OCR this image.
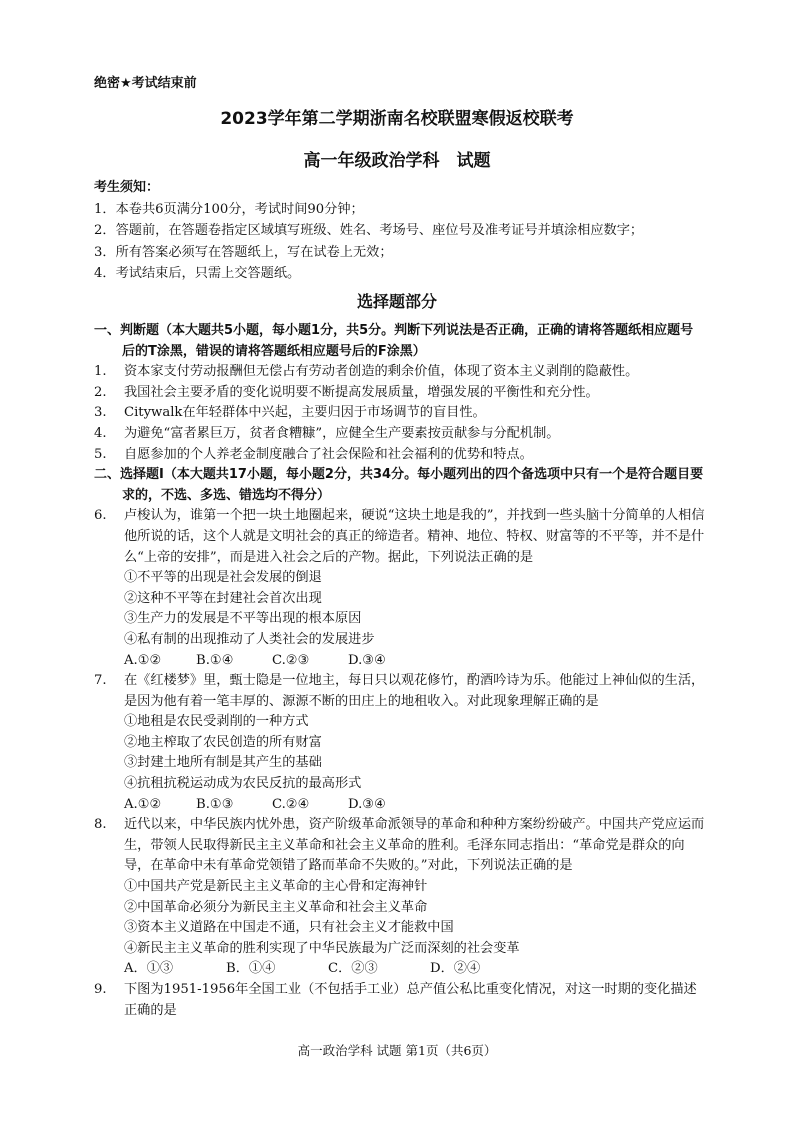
绝密★考试结束前
2023学年第二学期浙南名校联盟寒假返校联考
高一年级政治学科　试题
考生须知：
1．本卷共6页满分100分，考试时间90分钟；
2．答题前，在答题卷指定区域填写班级、姓名、考场号、座位号及准考证号并填涂相应数字；
3．所有答案必须写在答题纸上，写在试卷上无效；
4．考试结束后，只需上交答题纸。
选择题部分
一、判断题（本大题共5小题，每小题1分，共5分。判断下列说法是否正确，正确的请将答题纸相应题号后的T涂黑，错误的请将答题纸相应题号后的F涂黑）
1.	资本家支付劳动报酬但无偿占有劳动者创造的剩余价值，体现了资本主义剥削的隐蔽性。
2.	我国社会主要矛盾的变化说明要不断提高发展质量，增强发展的平衡性和充分性。
3.	Citywalk在年轻群体中兴起，主要归因于市场调节的盲目性。
4.	为避免“富者累巨万，贫者食糟糠”，应健全生产要素按贡献参与分配机制。
5.	自愿参加的个人养老金制度融合了社会保险和社会福利的优势和特点。
二、选择题Ⅰ（本大题共17小题，每小题2分，共34分。每小题列出的四个备选项中只有一个是符合题目要求的，不选、多选、错选均不得分）
6.	卢梭认为，谁第一个把一块土地圈起来，硬说“这块土地是我的”，并找到一些头脑十分简单的人相信他所说的话，这个人就是文明社会的真正的缔造者。精神、地位、特权、财富等的不平等，并不是什么“上帝的安排”，而是进入社会之后的产物。据此，下列说法正确的是
①不平等的出现是社会发展的倒退
②这种不平等在封建社会首次出现
③生产力的发展是不平等出现的根本原因
④私有制的出现推动了人类社会的发展进步
A.①②	B.①④	C.②③	D.③④
7.	在《红楼梦》里，甄士隐是一位地主，每日只以观花修竹，酌酒吟诗为乐。他能过上神仙似的生活，是因为他有着一笔丰厚的、源源不断的田庄上的地租收入。对此现象理解正确的是
①地租是农民受剥削的一种方式
②地主榨取了农民创造的所有财富
③封建土地所有制是其产生的基础
④抗租抗税运动成为农民反抗的最高形式
A.①②	B.①③	C.②④	D.③④
8.	近代以来，中华民族内忧外患，资产阶级革命派领导的革命和种种方案纷纷破产。中国共产党应运而生，带领人民取得新民主主义革命和社会主义革命的胜利。毛泽东同志指出：“革命党是群众的向导，在革命中未有革命党领错了路而革命不失败的。”对此，下列说法正确的是
①中国共产党是新民主主义革命的主心骨和定海神针
②中国革命必须分为新民主主义革命和社会主义革命
③资本主义道路在中国走不通，只有社会主义才能救中国
④新民主主义革命的胜利实现了中华民族最为广泛而深刻的社会变革
A．①③	B．①④	C．②③	D．②④
9.	下图为1951-1956年全国工业（不包括手工业）总产值公私比重变化情况，对这一时期的变化描述正确的是
高一政治学科 试题 第1页（共6页）
